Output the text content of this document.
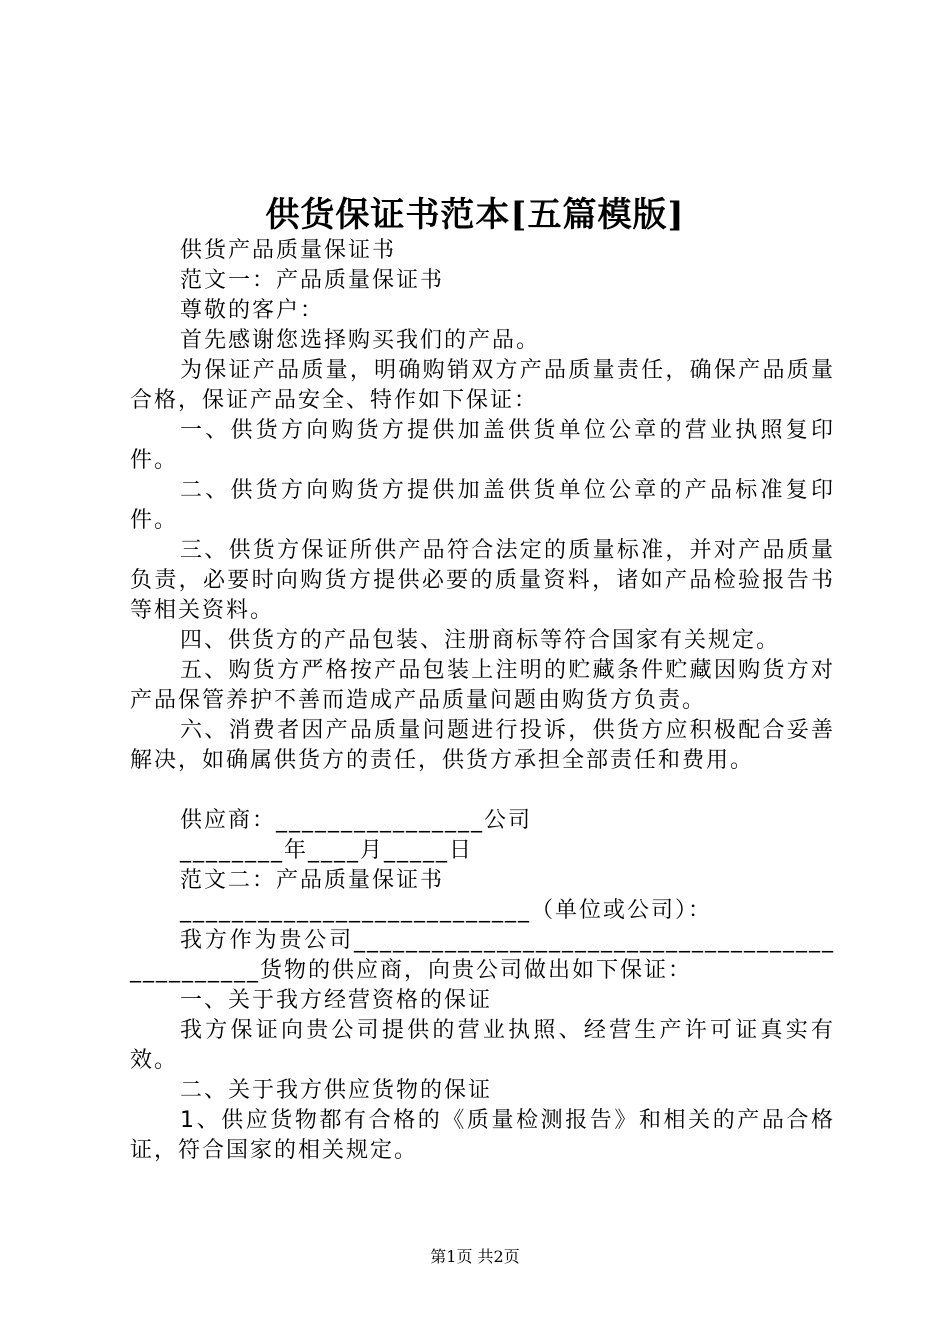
供货保证书范本[五篇模版]

供货产品质量保证书

范文一：产品质量保证书

尊敬的客户：

首先感谢您选择购买我们的产品。

为保证产品质量，明确购销双方产品质量责任，确保产品质量合格，保证产品安全、特作如下保证：

一、供货方向购货方提供加盖供货单位公章的营业执照复印件。

二、供货方向购货方提供加盖供货单位公章的产品标准复印件。

三、供货方保证所供产品符合法定的质量标准，并对产品质量负责，必要时向购货方提供必要的质量资料，诸如产品检验报告书等相关资料。

四、供货方的产品包装、注册商标等符合国家有关规定。

五、购货方严格按产品包装上注明的贮藏条件贮藏因购货方对产品保管养护不善而造成产品质量问题由购货方负责。

六、消费者因产品质量问题进行投诉，供货方应积极配合妥善解决，如确属供货方的责任，供货方承担全部责任和费用。

供应商：________________公司

________年____月_____日

范文二：产品质量保证书

___________________________（单位或公司）：

我方作为贵公司_______________________________________________货物的供应商，向贵公司做出如下保证：

一、关于我方经营资格的保证

我方保证向贵公司提供的营业执照、经营生产许可证真实有效。

二、关于我方供应货物的保证

1、供应货物都有合格的《质量检测报告》和相关的产品合格证，符合国家的相关规定。

第1页 共2页
